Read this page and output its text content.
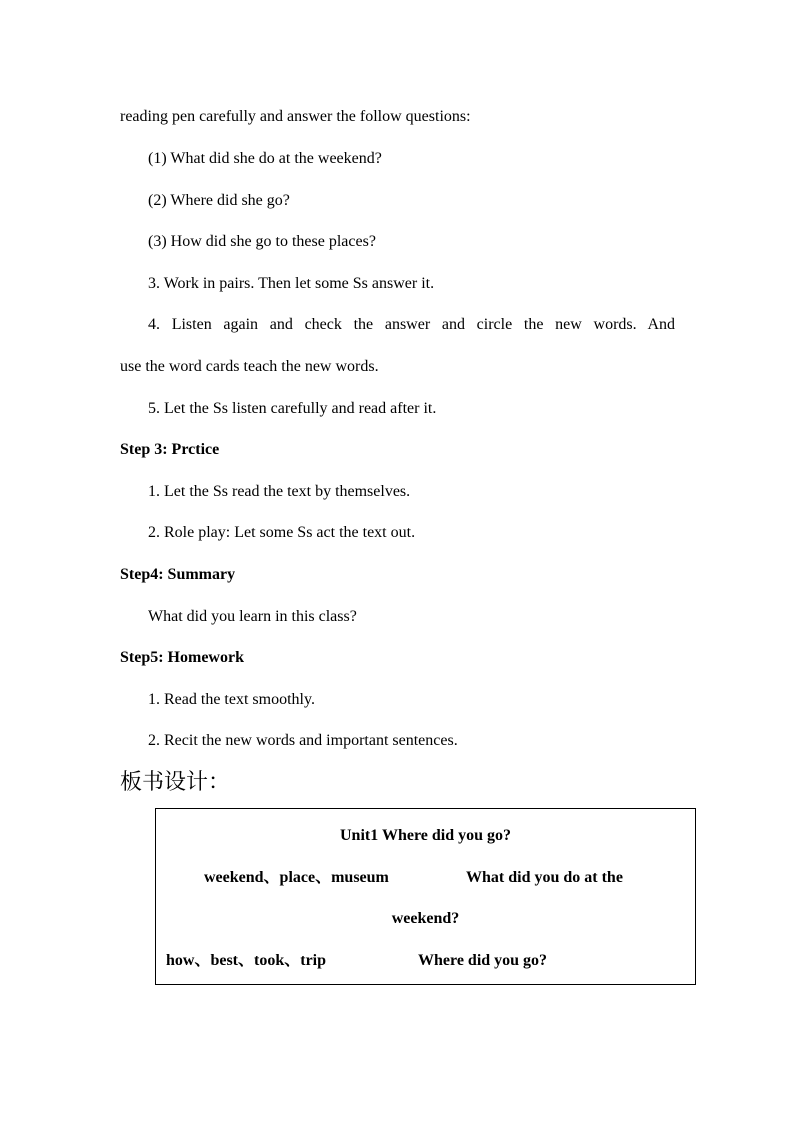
reading pen carefully and answer the follow questions:
(1) What did she do at the weekend?
(2) Where did she go?
(3) How did she go to these places?
3. Work in pairs. Then let some Ss answer it.
4. Listen again and check the answer and circle the new words. And
use the word cards teach the new words.
5. Let the Ss listen carefully and read after it.
Step 3: Prctice
1. Let the Ss read the text by themselves.
2. Role play: Let some Ss act the text out.
Step4: Summary
What did you learn in this class?
Step5: Homework
1. Read the text smoothly.
2. Recit the new words and important sentences.
板书设计：
Unit1 Where did you go?
weekend、place、museum	What did you do at the
weekend?
how、best、took、trip	Where did you go?
